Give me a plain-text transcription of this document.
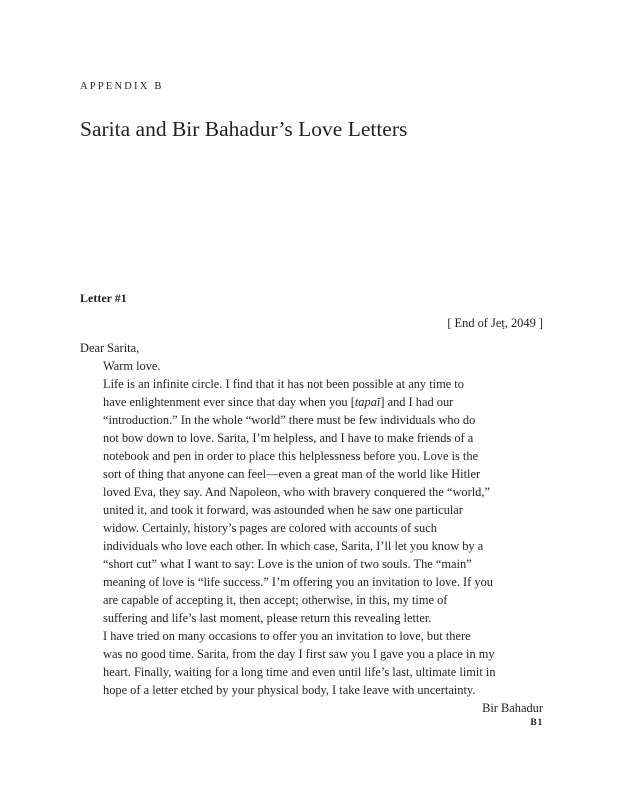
APPENDIX B
Sarita and Bir Bahadur’s Love Letters
Letter #1
[ End of Jeṭ, 2049 ]

Dear Sarita,

Warm love.

Life is an infinite circle. I find that it has not been possible at any time to
have enlightenment ever since that day when you [tapaī] and I had our
“introduction.” In the whole “world” there must be few individuals who do
not bow down to love. Sarita, I’m helpless, and I have to make friends of a
notebook and pen in order to place this helplessness before you. Love is the
sort of thing that anyone can feel—even a great man of the world like Hitler
loved Eva, they say. And Napoleon, who with bravery conquered the “world,”
united it, and took it forward, was astounded when he saw one particular
widow. Certainly, history’s pages are colored with accounts of such
individuals who love each other. In which case, Sarita, I’ll let you know by a
“short cut” what I want to say: Love is the union of two souls. The “main”
meaning of love is “life success.” I’m offering you an invitation to love. If you
are capable of accepting it, then accept; otherwise, in this, my time of
suffering and life’s last moment, please return this revealing letter.

I have tried on many occasions to offer you an invitation to love, but there
was no good time. Sarita, from the day I first saw you I gave you a place in my
heart. Finally, waiting for a long time and even until life’s last, ultimate limit in
hope of a letter etched by your physical body, I take leave with uncertainty.

Bir Bahadur

B1
